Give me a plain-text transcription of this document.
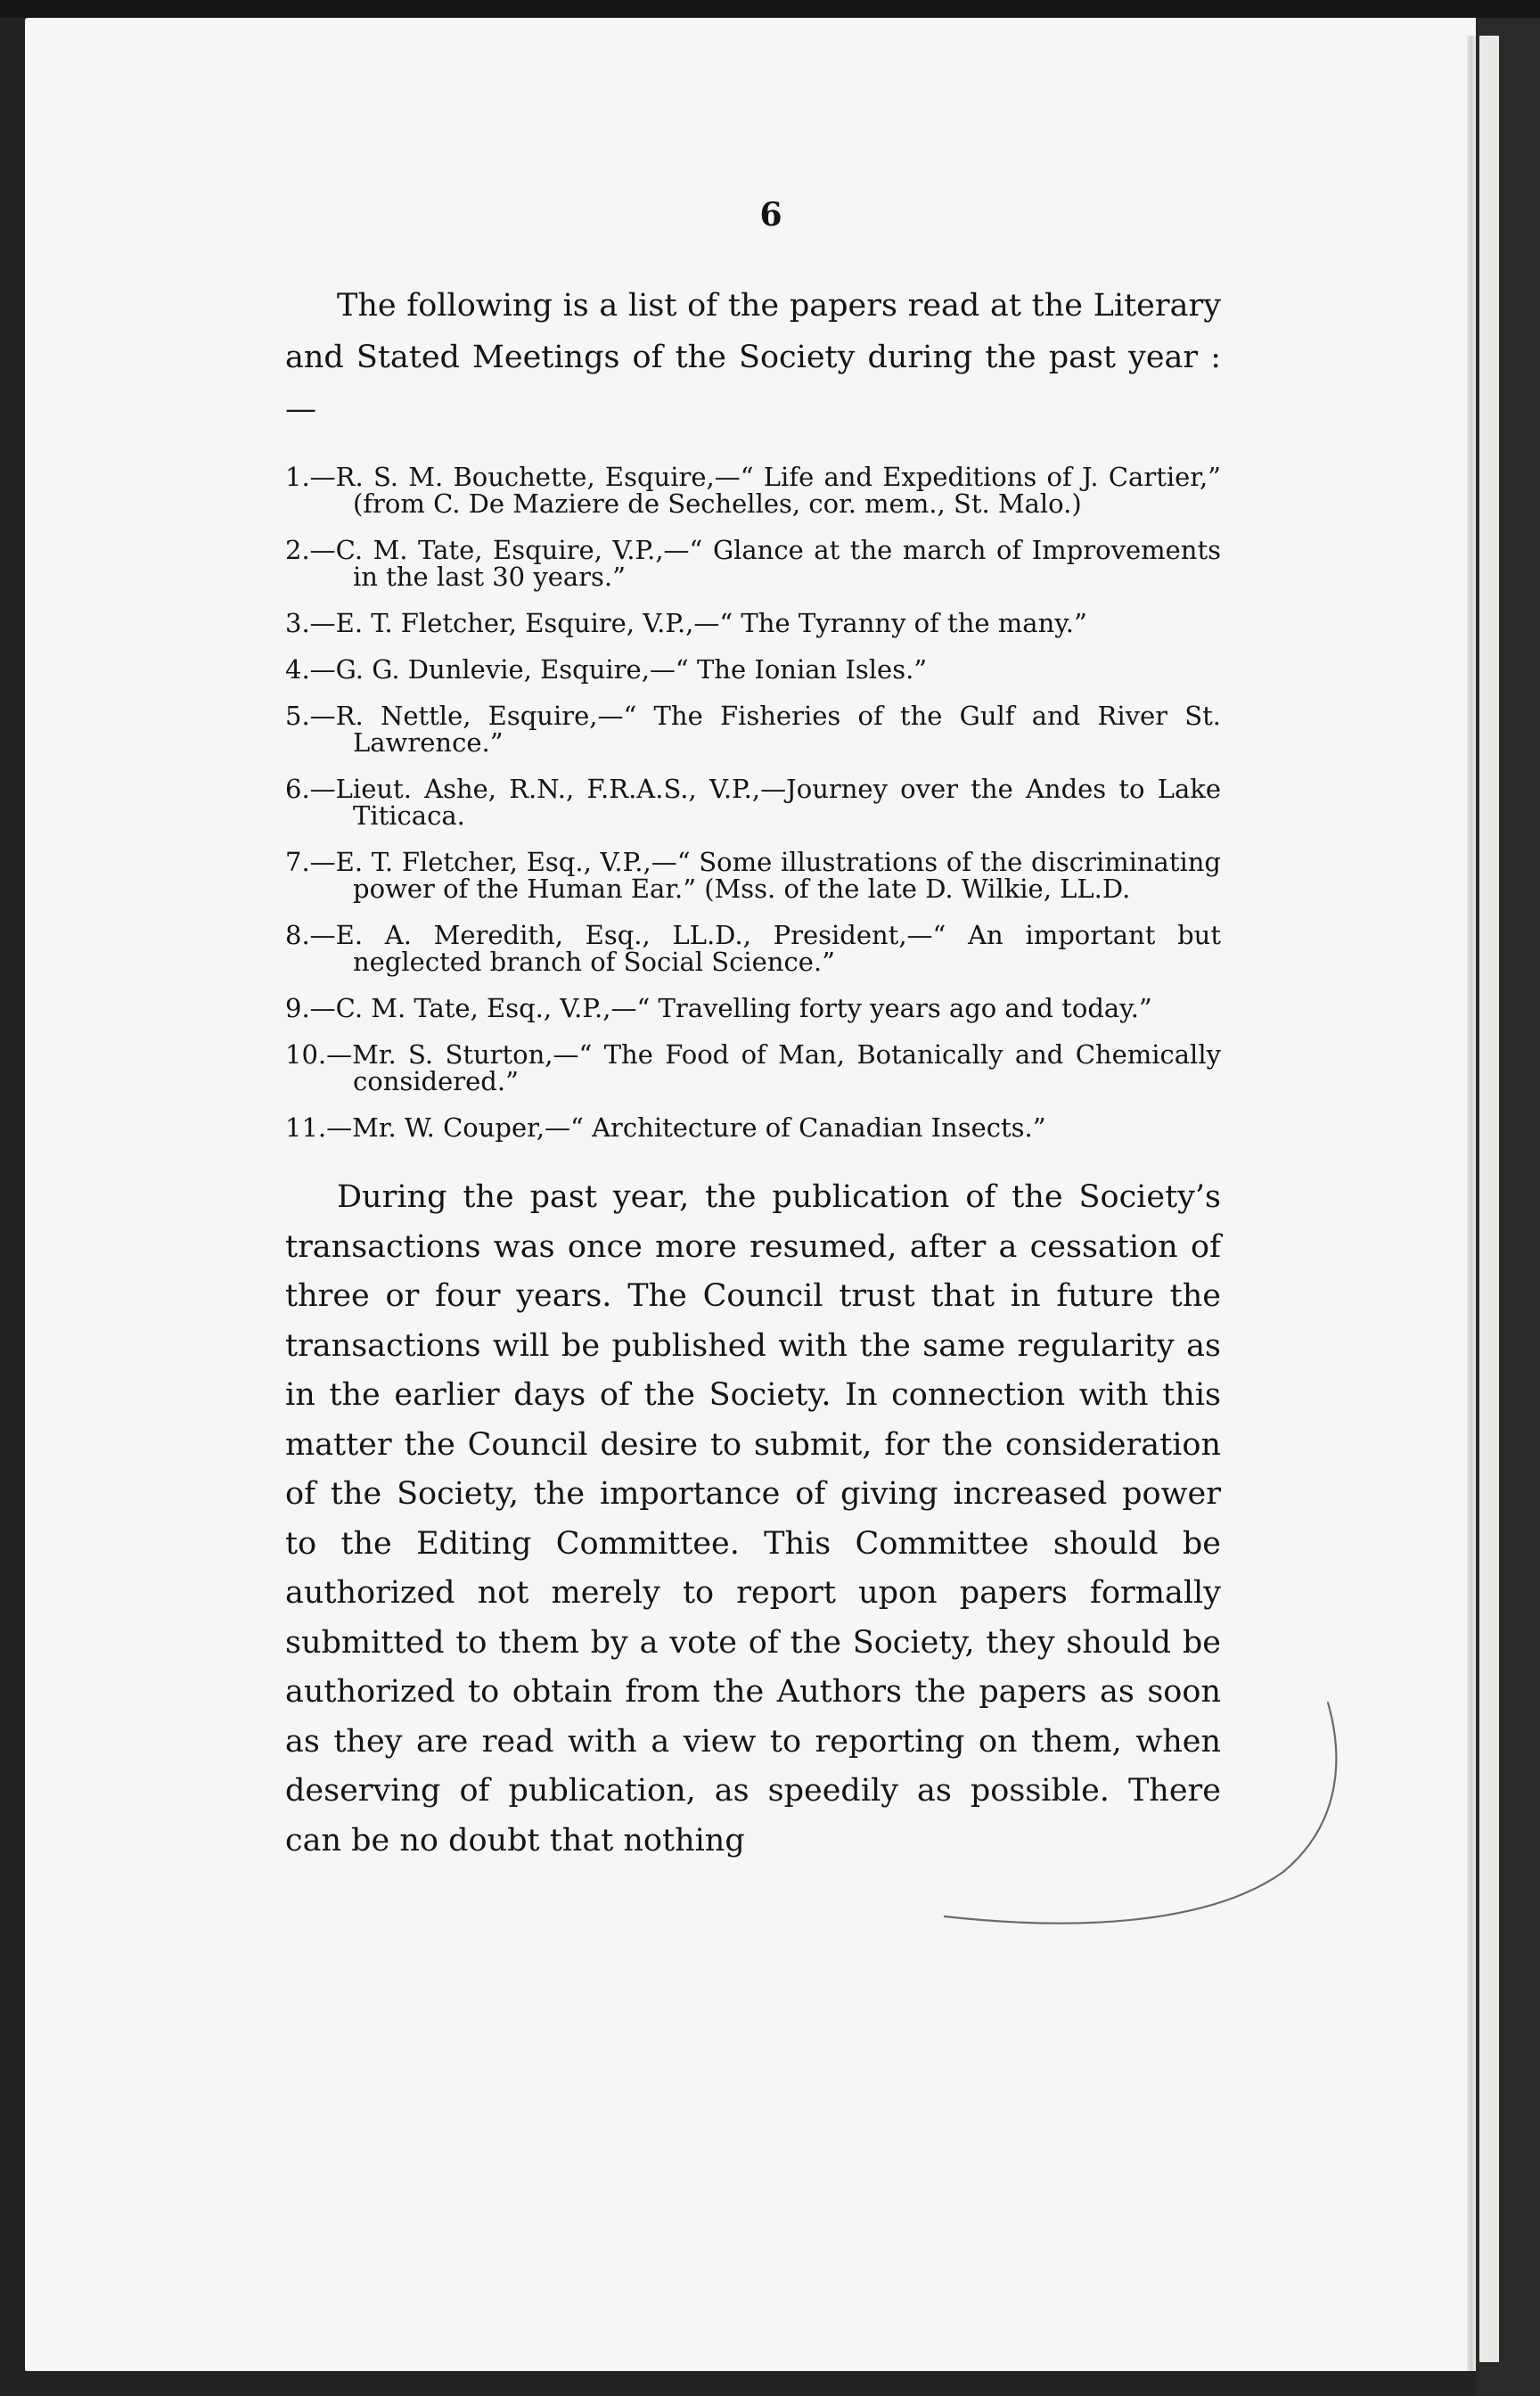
6

The following is a list of the papers read at the Literary and Stated Meetings of the Society during the past year :—

1.—R. S. M. Bouchette, Esquire,—“ Life and Expeditions of J. Cartier,” (from C. De Maziere de Sechelles, cor. mem., St. Malo.)
2.—C. M. Tate, Esquire, V.P.,—“ Glance at the march of Improvements in the last 30 years.”
3.—E. T. Fletcher, Esquire, V.P.,—“ The Tyranny of the many.”
4.—G. G. Dunlevie, Esquire,—“ The Ionian Isles.”
5.—R. Nettle, Esquire,—“ The Fisheries of the Gulf and River St. Lawrence.”
6.—Lieut. Ashe, R.N., F.R.A.S., V.P.,—Journey over the Andes to Lake Titicaca.
7.—E. T. Fletcher, Esq., V.P.,—“ Some illustrations of the discriminating power of the Human Ear.” (Mss. of the late D. Wilkie, LL.D.
8.—E. A. Meredith, Esq., LL.D., President,—“ An important but neglected branch of Social Science.”
9.—C. M. Tate, Esq., V.P.,—“ Travelling forty years ago and today.”
10.—Mr. S. Sturton,—“ The Food of Man, Botanically and Chemically considered.”
11.—Mr. W. Couper,—“ Architecture of Canadian Insects.”

During the past year, the publication of the Society’s transactions was once more resumed, after a cessation of three or four years. The Council trust that in future the transactions will be published with the same regularity as in the earlier days of the Society. In connection with this matter the Council desire to submit, for the consideration of the Society, the importance of giving increased power to the Editing Committee. This Committee should be authorized not merely to report upon papers formally submitted to them by a vote of the Society, they should be authorized to obtain from the Authors the papers as soon as they are read with a view to reporting on them, when deserving of publication, as speedily as possible. There can be no doubt that nothing
